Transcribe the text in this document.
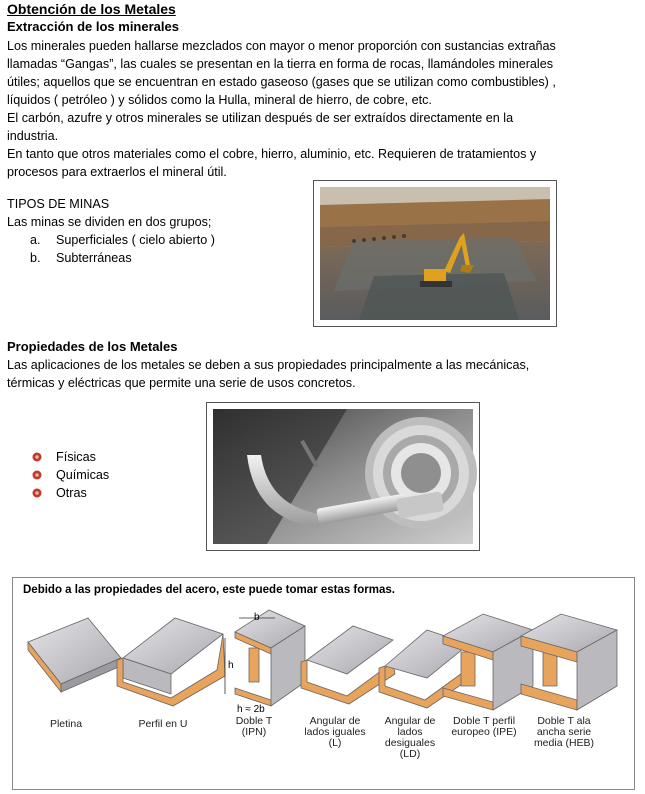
Obtención de los Metales
Extracción de los minerales
Los minerales pueden hallarse mezclados con mayor o menor proporción con sustancias extrañas
llamadas “Gangas”, las cuales se presentan en la tierra en forma de rocas, llamándoles minerales
útiles; aquellos que se encuentran en estado gaseoso (gases que se utilizan como combustibles) ,
líquidos ( petróleo ) y sólidos como la Hulla, mineral de hierro, de cobre, etc.
El carbón, azufre y otros minerales se utilizan después de ser extraídos directamente en la
industria.
En tanto que otros materiales como el cobre, hierro, aluminio, etc. Requieren de tratamientos y
procesos para extraerlos el mineral útil.
TIPOS DE MINAS
Las minas se dividen en dos grupos;
a.	Superficiales ( cielo abierto )
b.	Subterráneas
Propiedades de los Metales
Las aplicaciones de los metales se deben a sus propiedades principalmente a las mecánicas,
térmicas y eléctricas que permite una serie de usos concretos.
Físicas
Químicas
Otras
Debido a las propiedades del acero, este puede tomar estas formas.
b
h
h ≈ 2b
Pletina	Perfil en U	Doble T
(IPN)
Angular de
lados iguales
(L)
Angular de
lados
desiguales
(LD)
Doble T perfil
europeo (IPE)
Doble T ala
ancha serie
media (HEB)
